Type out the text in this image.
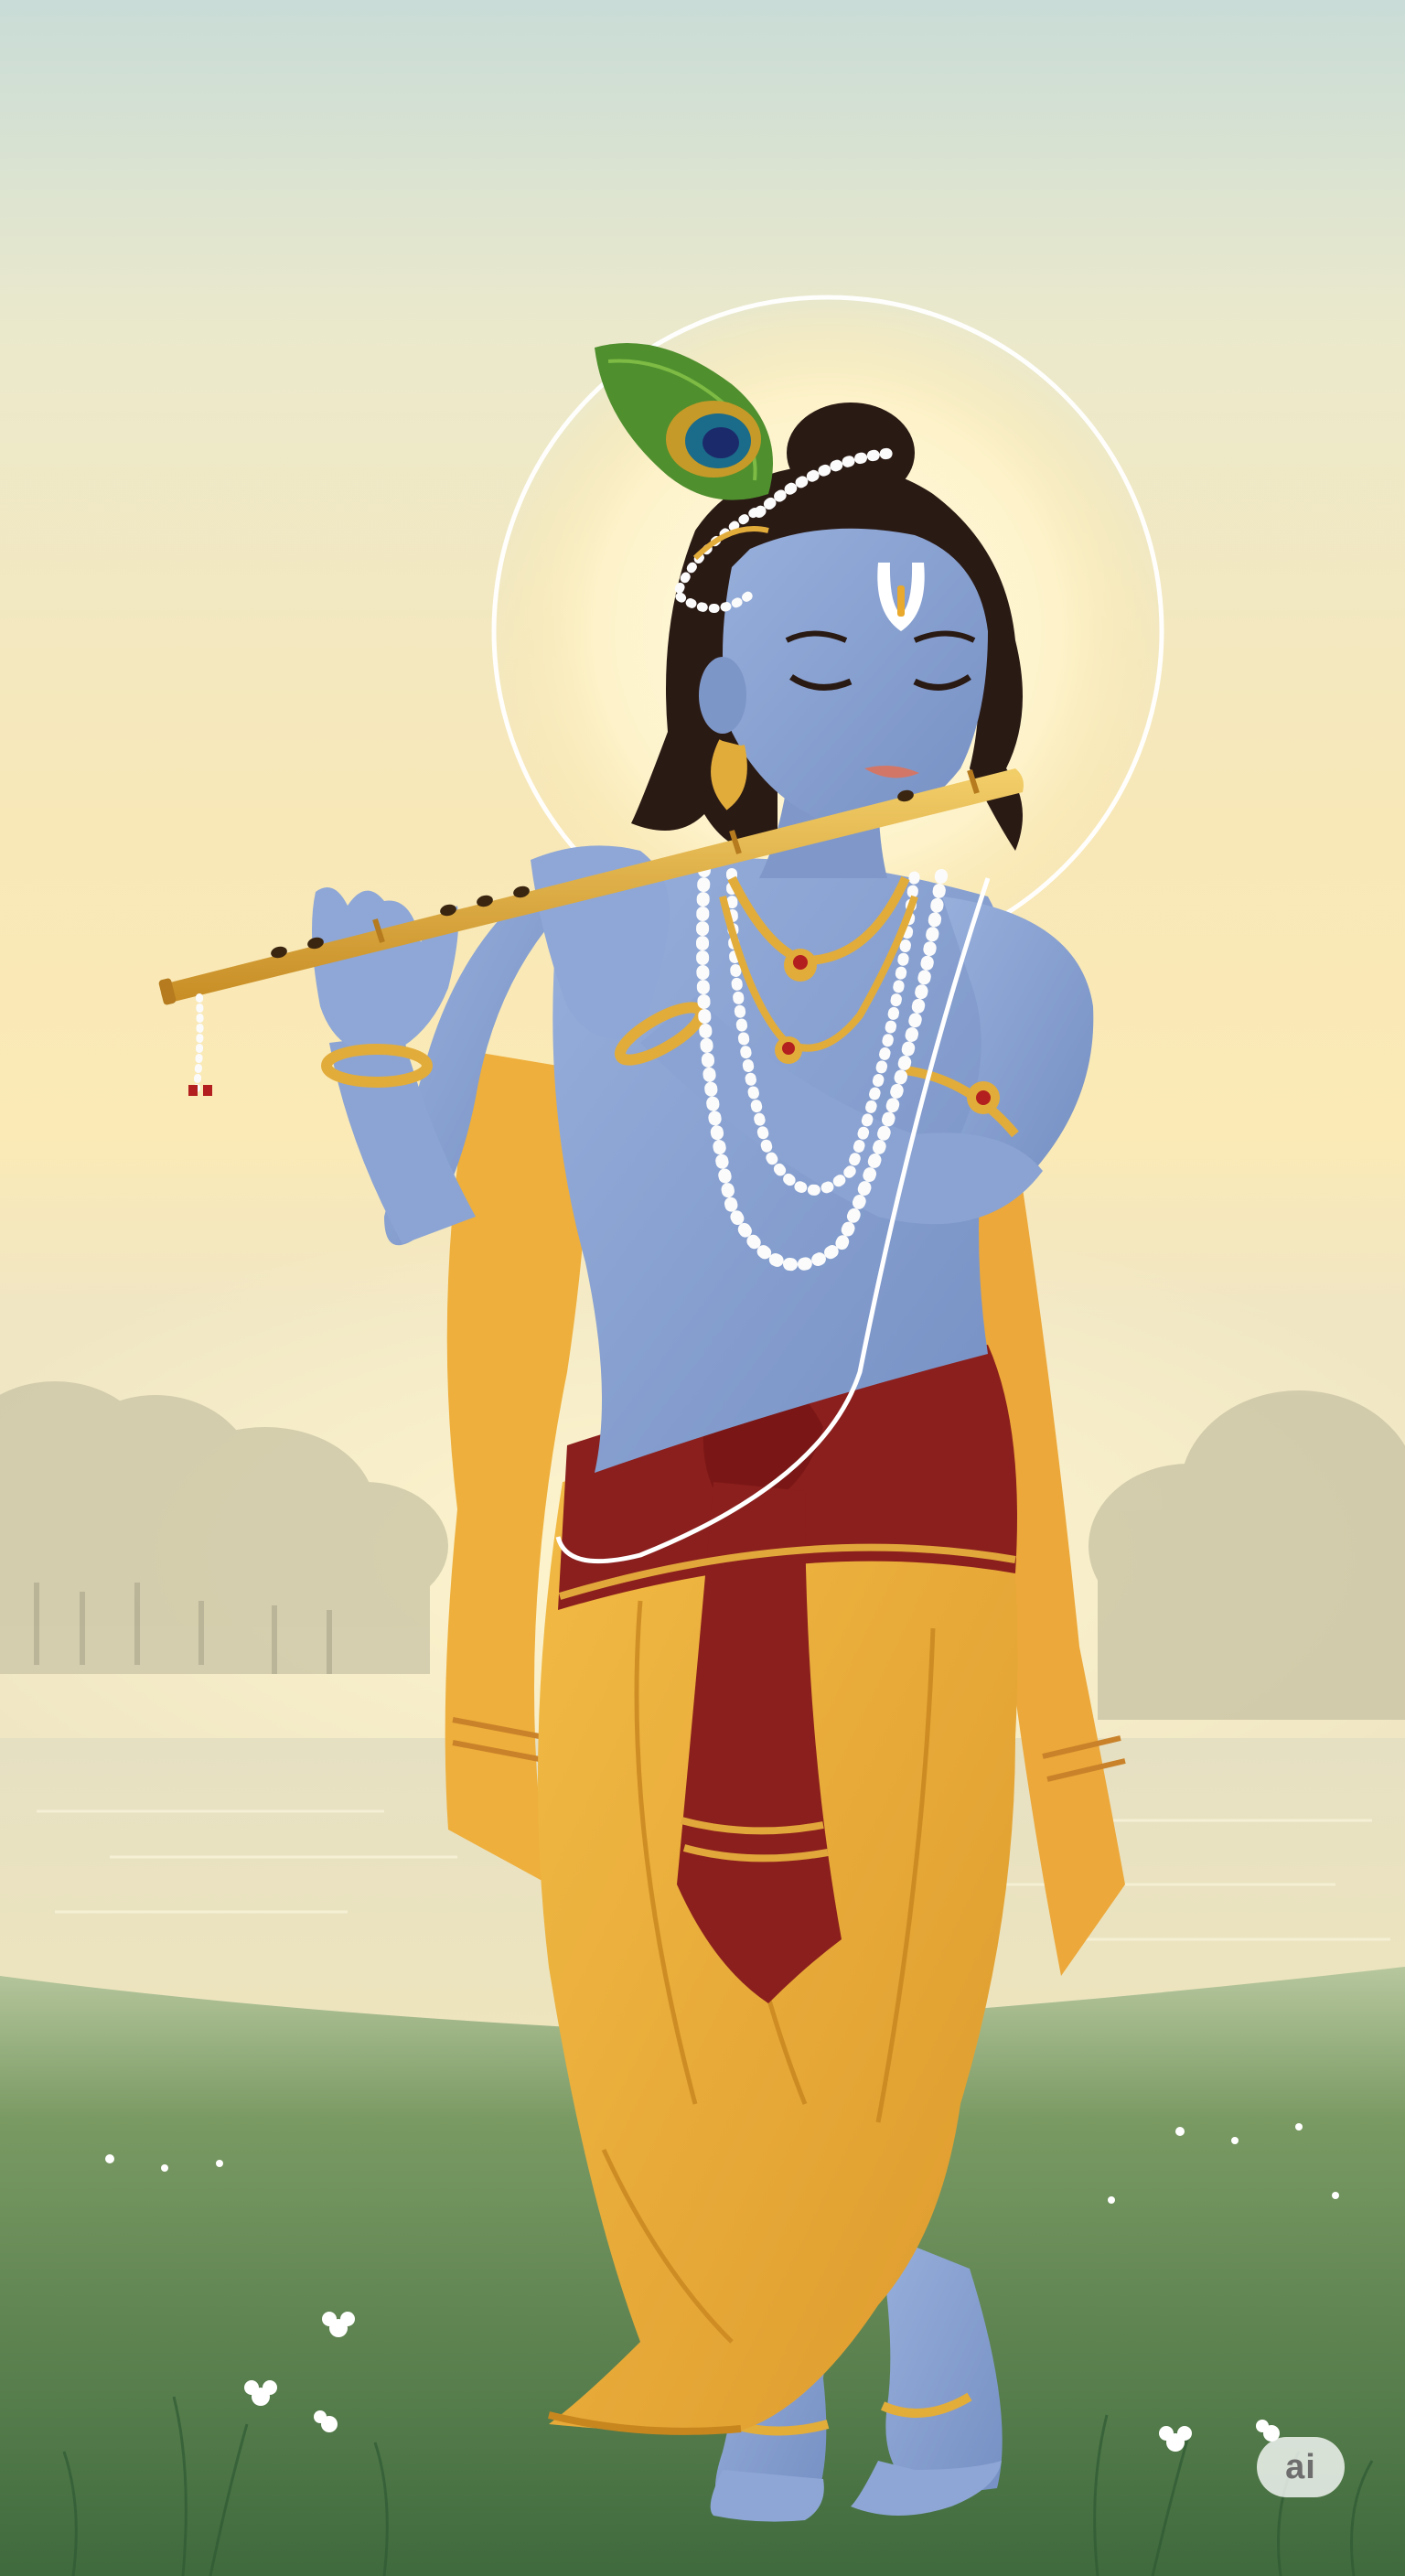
ai
